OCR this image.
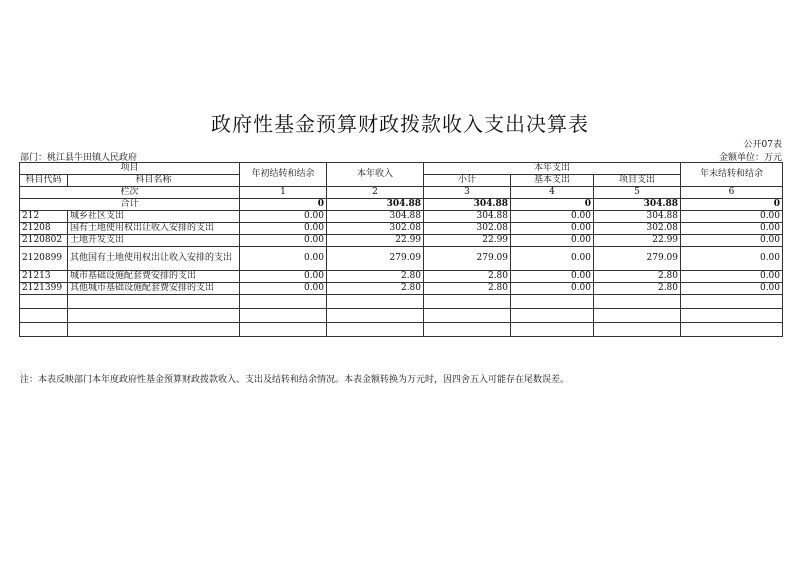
政府性基金预算财政拨款收入支出决算表
公开07表
部门：桃江县牛田镇人民政府	金额单位：万元
项目		年初结转和结余	本年收入	本年支出			年末结转和结余
科目代码	科目名称			小计	基本支出	项目支出	
栏次		1	2	3	4	5	6
合计		0	304.88	304.88	0	304.88	0
212	城乡社区支出	0.00	304.88	304.88	0.00	304.88	0.00
21208	国有土地使用权出让收入安排的支出	0.00	302.08	302.08	0.00	302.08	0.00
2120802	土地开发支出	0.00	22.99	22.99	0.00	22.99	0.00
2120899	其他国有土地使用权出让收入安排的支出	0.00	279.09	279.09	0.00	279.09	0.00
21213	城市基础设施配套费安排的支出	0.00	2.80	2.80	0.00	2.80	0.00
2121399	其他城市基础设施配套费安排的支出	0.00	2.80	2.80	0.00	2.80	0.00

注：本表反映部门本年度政府性基金预算财政拨款收入、支出及结转和结余情况。本表金额转换为万元时，因四舍五入可能存在尾数误差。
